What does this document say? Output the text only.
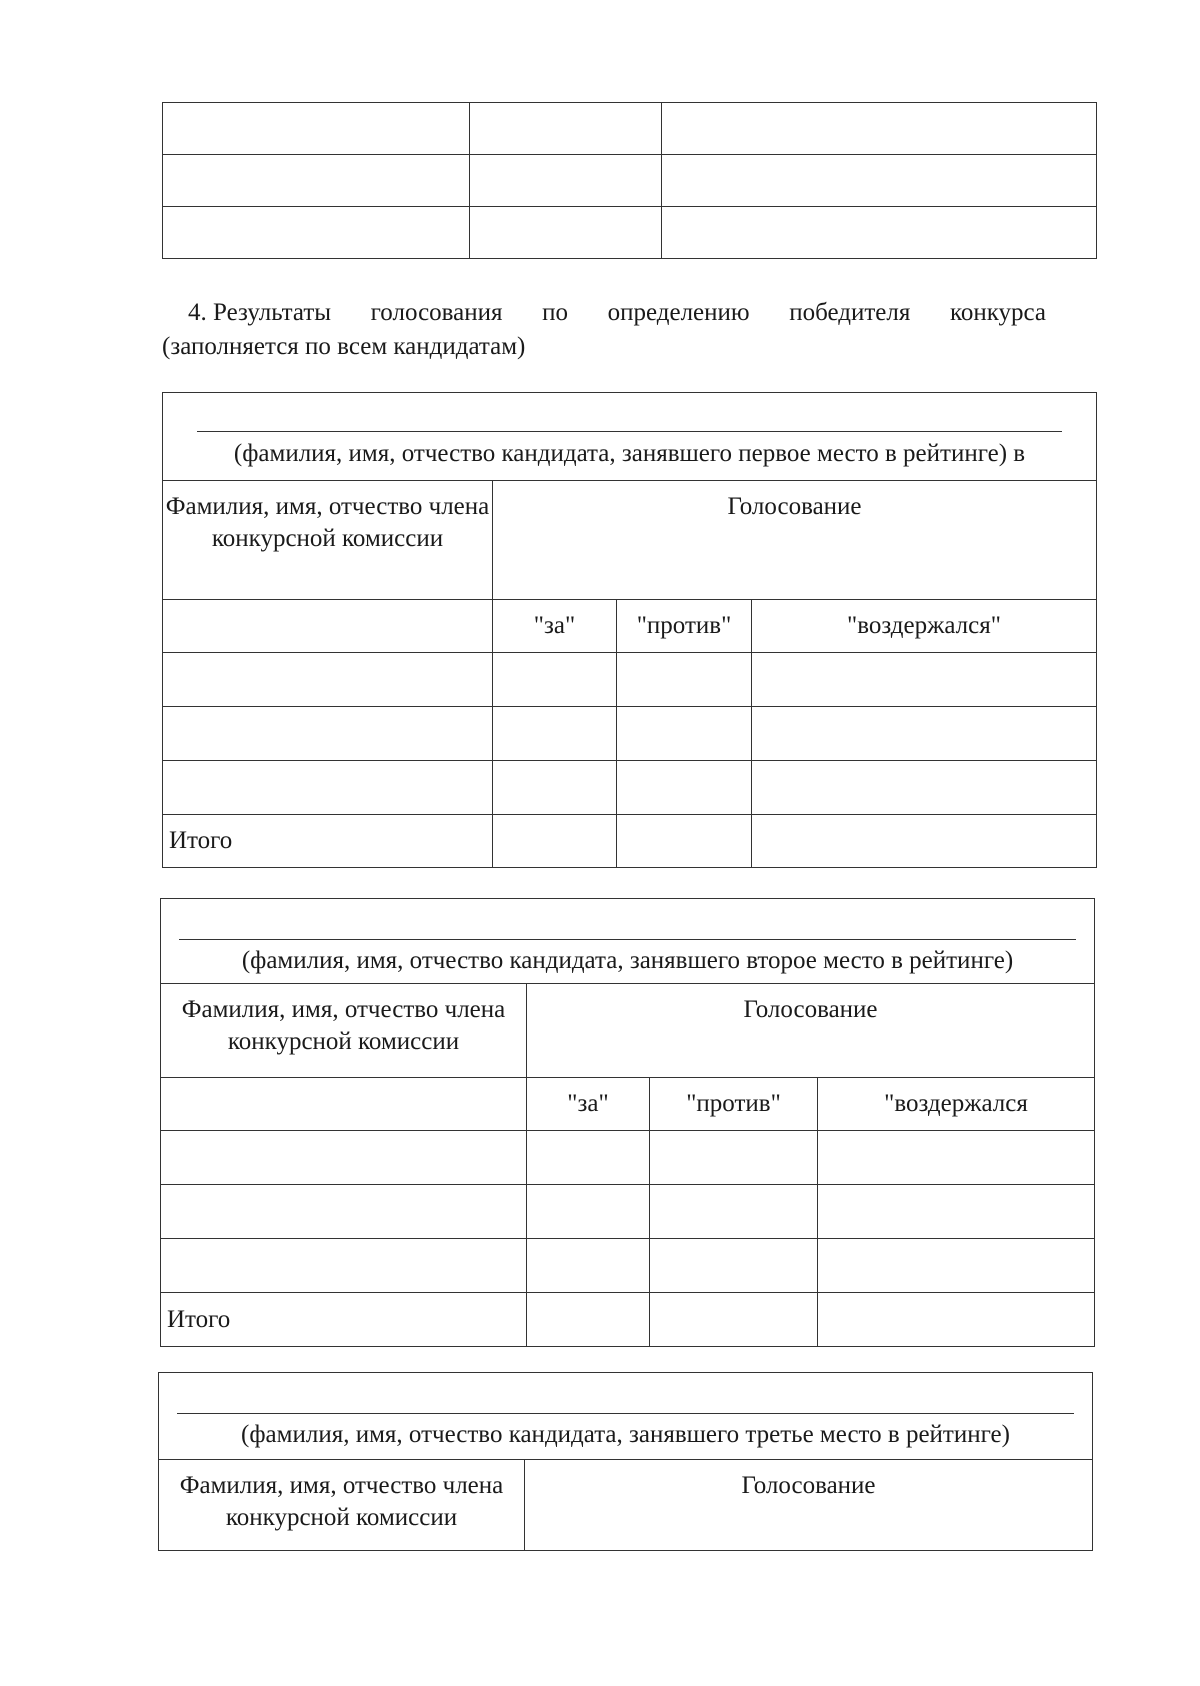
4. Результаты голосования по определению победителя конкурса
(заполняется по всем кандидатам)
(фамилия, имя, отчество кандидата, занявшего первое место в рейтинге) в			

Фамилия, имя, отчество члена конкурсной комиссии	Голосование		
	"за"	"против"	"воздержался"

Итого			
(фамилия, имя, отчество кандидата, занявшего второе место в рейтинге)			

Фамилия, имя, отчество члена конкурсной комиссии	Голосование		
	"за"	"против"	"воздержался

Итого			
(фамилия, имя, отчество кандидата, занявшего третье место в рейтинге)

Фамилия, имя, отчество члена конкурсной комиссии	Голосование
